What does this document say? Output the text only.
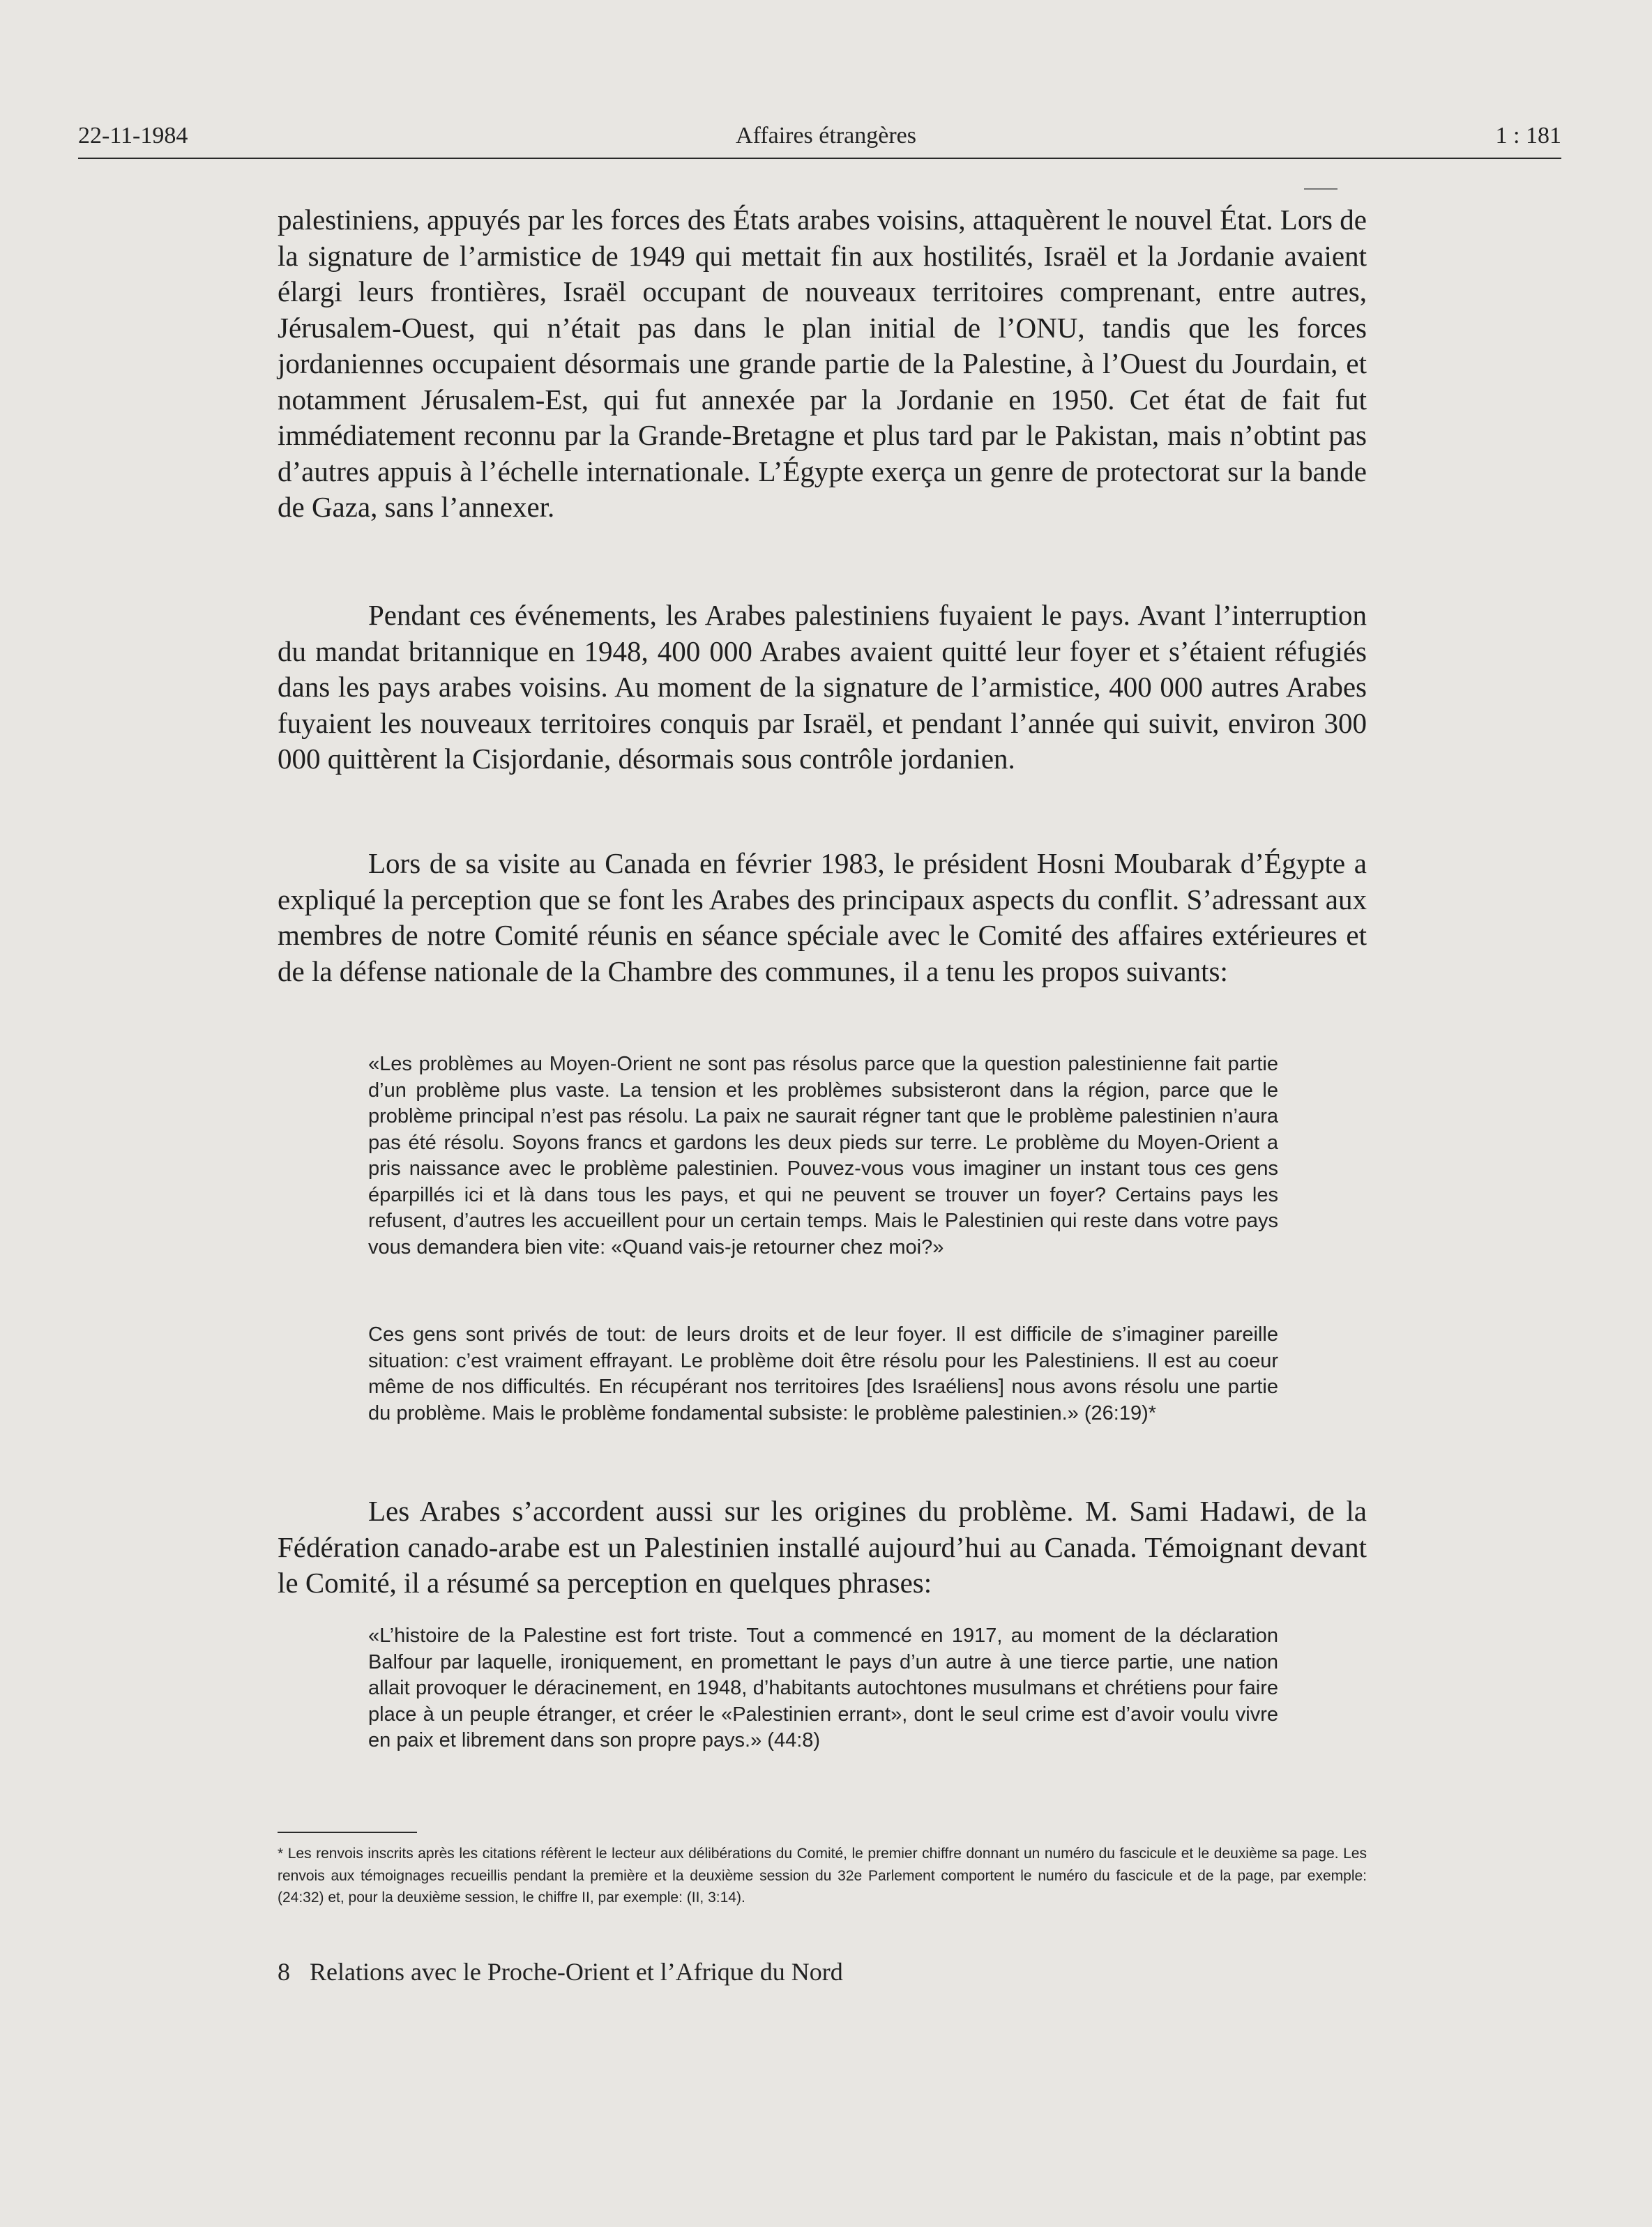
22-11-1984	Affaires étrangères	1 : 181

palestiniens, appuyés par les forces des États arabes voisins, attaquèrent le nouvel État. Lors de la signature de l’armistice de 1949 qui mettait fin aux hostilités, Israël et la Jordanie avaient élargi leurs frontières, Israël occupant de nouveaux territoires comprenant, entre autres, Jérusalem-Ouest, qui n’était pas dans le plan initial de l’ONU, tandis que les forces jordaniennes occupaient désormais une grande partie de la Palestine, à l’Ouest du Jourdain, et notamment Jérusalem-Est, qui fut annexée par la Jordanie en 1950. Cet état de fait fut immédiatement reconnu par la Grande-Bretagne et plus tard par le Pakistan, mais n’obtint pas d’autres appuis à l’échelle internationale. L’Égypte exerça un genre de protectorat sur la bande de Gaza, sans l’annexer.

Pendant ces événements, les Arabes palestiniens fuyaient le pays. Avant l’interruption du mandat britannique en 1948, 400 000 Arabes avaient quitté leur foyer et s’étaient réfugiés dans les pays arabes voisins. Au moment de la signature de l’armistice, 400 000 autres Arabes fuyaient les nouveaux territoires conquis par Israël, et pendant l’année qui suivit, environ 300 000 quittèrent la Cisjordanie, désormais sous contrôle jordanien.

Lors de sa visite au Canada en février 1983, le président Hosni Moubarak d’Égypte a expliqué la perception que se font les Arabes des principaux aspects du conflit. S’adressant aux membres de notre Comité réunis en séance spéciale avec le Comité des affaires extérieures et de la défense nationale de la Chambre des communes, il a tenu les propos suivants:

«Les problèmes au Moyen-Orient ne sont pas résolus parce que la question palestinienne fait partie d’un problème plus vaste. La tension et les problèmes subsisteront dans la région, parce que le problème principal n’est pas résolu. La paix ne saurait régner tant que le problème palestinien n’aura pas été résolu. Soyons francs et gardons les deux pieds sur terre. Le problème du Moyen-Orient a pris naissance avec le problème palestinien. Pouvez-vous vous imaginer un instant tous ces gens éparpillés ici et là dans tous les pays, et qui ne peuvent se trouver un foyer? Certains pays les refusent, d’autres les accueillent pour un certain temps. Mais le Palestinien qui reste dans votre pays vous demandera bien vite: «Quand vais-je retourner chez moi?»

Ces gens sont privés de tout: de leurs droits et de leur foyer. Il est difficile de s’imaginer pareille situation: c’est vraiment effrayant. Le problème doit être résolu pour les Palestiniens. Il est au coeur même de nos difficultés. En récupérant nos territoires [des Israéliens] nous avons résolu une partie du problème. Mais le problème fondamental subsiste: le problème palestinien.» (26:19)*

Les Arabes s’accordent aussi sur les origines du problème. M. Sami Hadawi, de la Fédération canado-arabe est un Palestinien installé aujourd’hui au Canada. Témoignant devant le Comité, il a résumé sa perception en quelques phrases:

«L’histoire de la Palestine est fort triste. Tout a commencé en 1917, au moment de la déclaration Balfour par laquelle, ironiquement, en promettant le pays d’un autre à une tierce partie, une nation allait provoquer le déracinement, en 1948, d’habitants autochtones musulmans et chrétiens pour faire place à un peuple étranger, et créer le «Palestinien errant», dont le seul crime est d’avoir voulu vivre en paix et librement dans son propre pays.» (44:8)

* Les renvois inscrits après les citations réfèrent le lecteur aux délibérations du Comité, le premier chiffre donnant un numéro du fascicule et le deuxième sa page. Les renvois aux témoignages recueillis pendant la première et la deuxième session du 32e Parlement comportent le numéro du fascicule et de la page, par exemple: (24:32) et, pour la deuxième session, le chiffre II, par exemple: (II, 3:14).

8 Relations avec le Proche-Orient et l’Afrique du Nord
